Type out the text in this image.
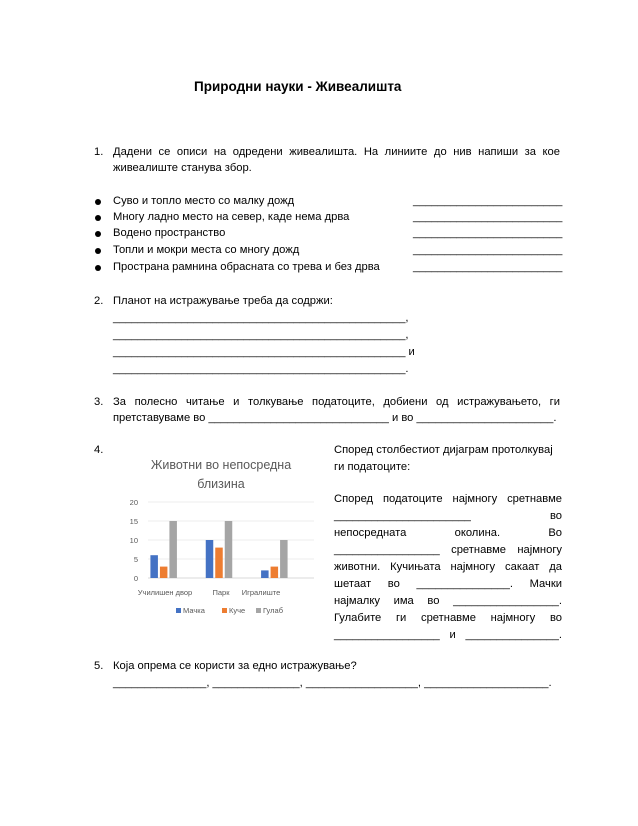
Природни науки - Живеалишта
1. Дадени се описи на одредени живеалишта. На линиите до нив напиши за кое
живеалиште станува збор.
Суво и топло место со малку дожд	________________________
Многу ладно место на север, каде нема дрва	________________________
Водено пространство	________________________
Топли и мокри места со многу дожд	________________________
Пространа рамнина обрасната со трева и без дрва	________________________
2. Планот на истражување треба да содржи:
_______________________________________________,
_______________________________________________,
_______________________________________________ и
_______________________________________________.
3. За полесно читање и толкување податоците, добиени од истражувањето, ги
претставуваме во _____________________________ и во ______________________.
4.	Според столбестиот дијаграм протолкувај
ги податоците:
Според податоците најмногу сретнавме
______________________ во
непосредната околина. Во
_________________ сретнавме најмногу
животни. Кучињата најмногу сакаат да
шетаат во _______________. Мачки
најмалку има во _________________.
Гулабите ги сретнавме најмногу во
_________________ и _______________.
Животни во непосредна
близина
0
5
10
15
20
Училишен двор	Парк Игралиште
Мачка	Куче Гулаб
5. Која опрема се користи за едно истражување?
_______________, ______________, __________________, ____________________.
